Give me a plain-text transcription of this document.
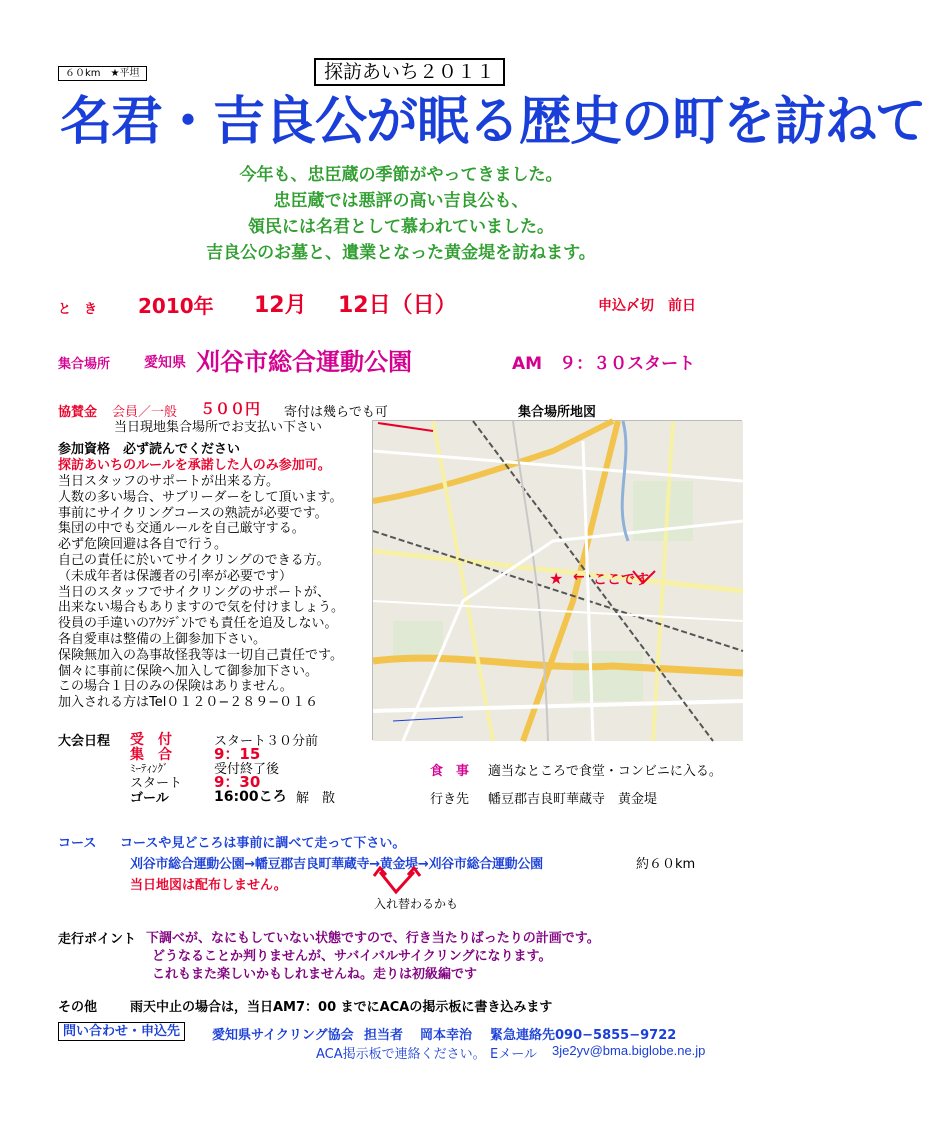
６０km　★平坦	探訪あいち２０１１
名君・吉良公が眠る歴史の町を訪ねて
今年も、忠臣蔵の季節がやってきました。
忠臣蔵では悪評の高い吉良公も、
領民には名君として慕われていました。
吉良公のお墓と、遺業となった黄金堤を訪ねます。
と　き 2010年 12月 12日（日）	申込〆切　前日
集合場所 愛知県 刈谷市総合運動公園	AM　９：３０スタート
協賛金 会員／一般 ５００円 寄付は幾らでも可
当日現地集合場所でお支払い下さい
集合場所地図
★ ← ここです
参加資格　必ず読んでください
探訪あいちのルールを承諾した人のみ参加可。
当日スタッフのサポートが出来る方。
人数の多い場合、サブリーダーをして頂います。
事前にサイクリングコースの熟読が必要です。
集団の中でも交通ルールを自己厳守する。
必ず危険回避は各自で行う。
自己の責任に於いてサイクリングのできる方。
（未成年者は保護者の引率が必要です）
当日のスタッフでサイクリングのサポートが、
出来ない場合もありますので気を付けましょう。
役員の手違いのｱｸｼﾃﾞﾝﾄでも責任を追及しない。
各自愛車は整備の上御参加下さい。
保険無加入の為事故怪我等は一切自己責任です。
個々に事前に保険へ加入して御参加下さい。
この場合１日のみの保険はありません。
加入される方はTel０１２０−２８９−０１６
大会日程 受　付	スタート３０分前
集　合	9：15
ﾐｰﾃｨﾝｸﾞ	受付終了後
スタート 9：30
ゴール	16:00ころ 解　散
食　事 適当なところで食堂・コンビニに入る。
行き先 幡豆郡吉良町華蔵寺　黄金堤
コース コースや見どころは事前に調べて走って下さい。
刈谷市総合運動公園→幡豆郡吉良町華蔵寺→黄金堤→刈谷市総合運動公園	約６０km
当日地図は配布しません。
入れ替わるかも
走行ポイント 下調べが、なにもしていない状態ですので、行き当たりばったりの計画です。
どうなることか判りませんが、サバイバルサイクリングになります。
これもまた楽しいかもしれませんね。走りは初級編です
その他	雨天中止の場合は，当日AM7：00 までにACAの掲示板に書き込みます
問い合わせ・申込先	愛知県サイクリング協会 担当者 岡本幸治 緊急連絡先090−5855−9722
ACA掲示板で連絡ください。 Eメール 3je2yv@bma.biglobe.ne.jp
